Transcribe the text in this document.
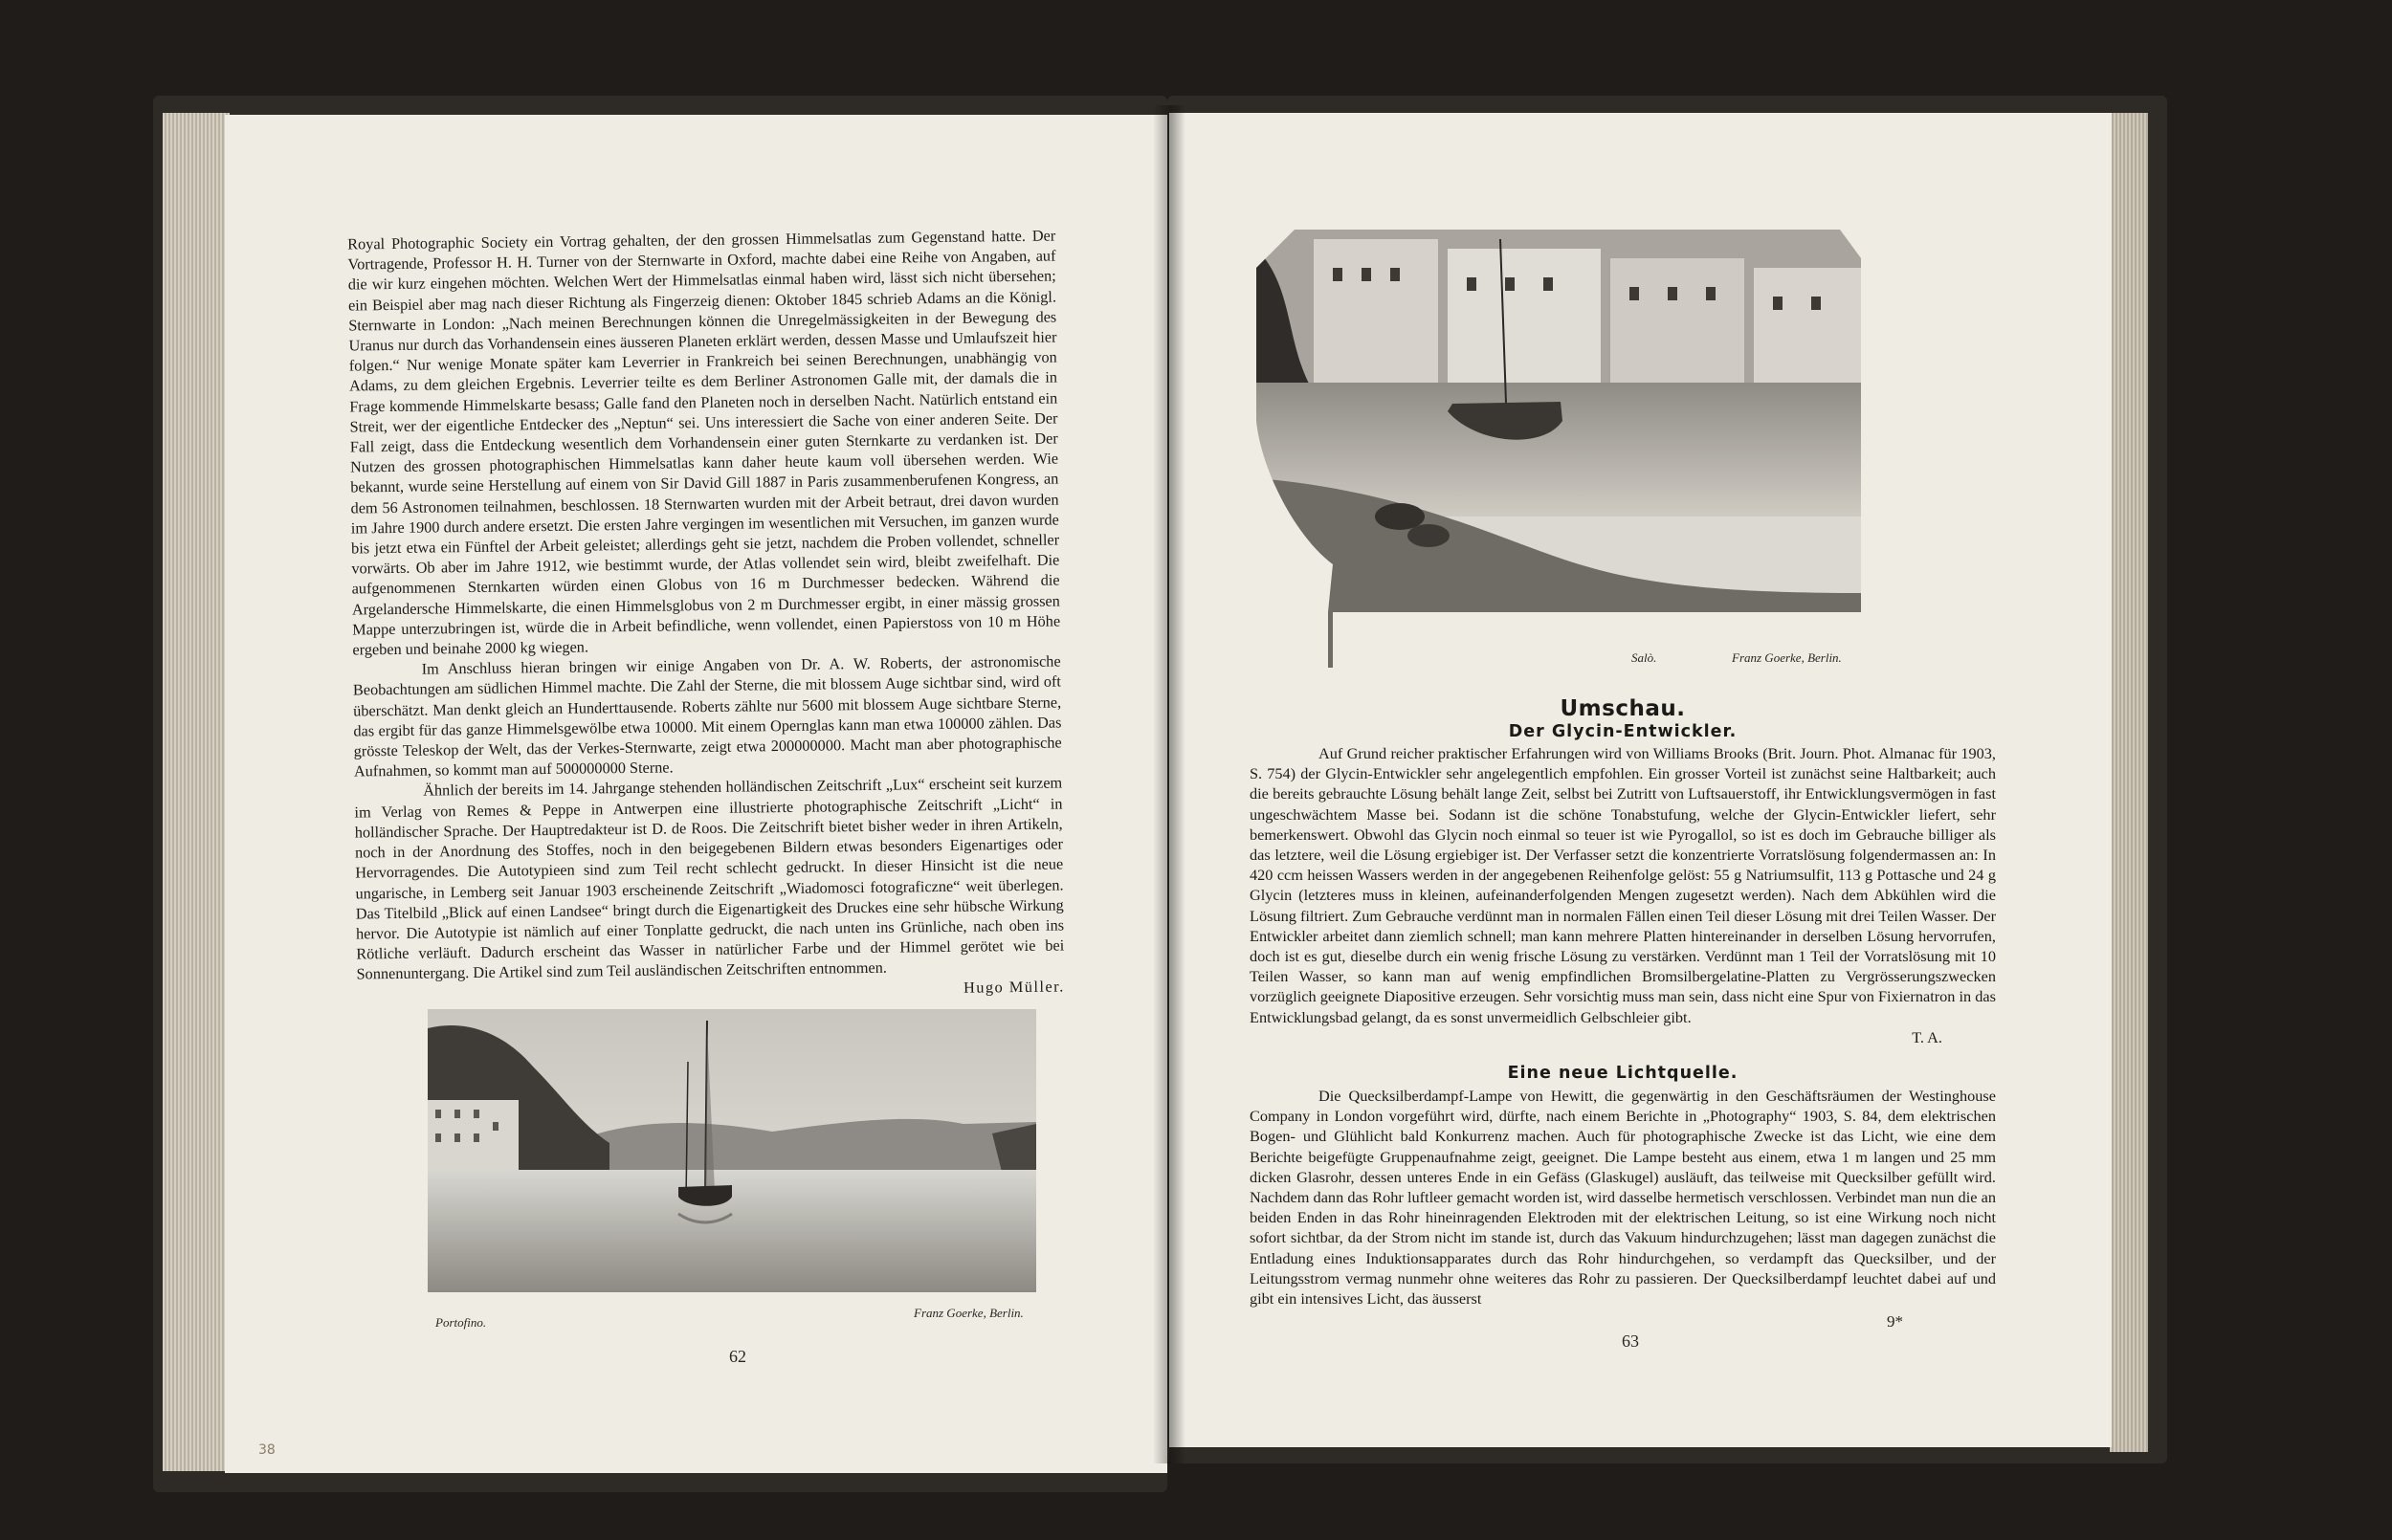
Royal Photographic Society ein Vortrag gehalten, der den grossen Himmelsatlas zum Gegenstand hatte. Der Vortragende, Professor H. H. Turner von der Sternwarte in Oxford, machte dabei eine Reihe von Angaben, auf die wir kurz eingehen möchten. Welchen Wert der Himmelsatlas einmal haben wird, lässt sich nicht übersehen; ein Beispiel aber mag nach dieser Richtung als Fingerzeig dienen: Oktober 1845 schrieb Adams an die Königl. Sternwarte in London: „Nach meinen Berechnungen können die Unregelmässigkeiten in der Bewegung des Uranus nur durch das Vorhandensein eines äusseren Planeten erklärt werden, dessen Masse und Umlaufszeit hier folgen.“ Nur wenige Monate später kam Leverrier in Frankreich bei seinen Berechnungen, unabhängig von Adams, zu dem gleichen Ergebnis. Leverrier teilte es dem Berliner Astronomen Galle mit, der damals die in Frage kommende Himmelskarte besass; Galle fand den Planeten noch in derselben Nacht. Natürlich entstand ein Streit, wer der eigentliche Entdecker des „Neptun“ sei. Uns interessiert die Sache von einer anderen Seite. Der Fall zeigt, dass die Entdeckung wesentlich dem Vorhandensein einer guten Sternkarte zu verdanken ist. Der Nutzen des grossen photographischen Himmelsatlas kann daher heute kaum voll übersehen werden. Wie bekannt, wurde seine Herstellung auf einem von Sir David Gill 1887 in Paris zusammenberufenen Kongress, an dem 56 Astronomen teilnahmen, beschlossen. 18 Sternwarten wurden mit der Arbeit betraut, drei davon wurden im Jahre 1900 durch andere ersetzt. Die ersten Jahre vergingen im wesentlichen mit Versuchen, im ganzen wurde bis jetzt etwa ein Fünftel der Arbeit geleistet; allerdings geht sie jetzt, nachdem die Proben vollendet, schneller vorwärts. Ob aber im Jahre 1912, wie bestimmt wurde, der Atlas vollendet sein wird, bleibt zweifelhaft. Die aufgenommenen Sternkarten würden einen Globus von 16 m Durchmesser bedecken. Während die Argelandersche Himmelskarte, die einen Himmelsglobus von 2 m Durchmesser ergibt, in einer mässig grossen Mappe unterzubringen ist, würde die in Arbeit befindliche, wenn vollendet, einen Papierstoss von 10 m Höhe ergeben und beinahe 2000 kg wiegen.

Im Anschluss hieran bringen wir einige Angaben von Dr. A. W. Roberts, der astronomische Beobachtungen am südlichen Himmel machte. Die Zahl der Sterne, die mit blossem Auge sichtbar sind, wird oft überschätzt. Man denkt gleich an Hunderttausende. Roberts zählte nur 5600 mit blossem Auge sichtbare Sterne, das ergibt für das ganze Himmelsgewölbe etwa 10000. Mit einem Opernglas kann man etwa 100000 zählen. Das grösste Teleskop der Welt, das der Verkes-Sternwarte, zeigt etwa 200000000. Macht man aber photographische Aufnahmen, so kommt man auf 500000000 Sterne.

Ähnlich der bereits im 14. Jahrgange stehenden holländischen Zeitschrift „Lux“ erscheint seit kurzem im Verlag von Remes & Peppe in Antwerpen eine illustrierte photographische Zeitschrift „Licht“ in holländischer Sprache. Der Hauptredakteur ist D. de Roos. Die Zeitschrift bietet bisher weder in ihren Artikeln, noch in der Anordnung des Stoffes, noch in den beigegebenen Bildern etwas besonders Eigenartiges oder Hervorragendes. Die Autotypieen sind zum Teil recht schlecht gedruckt. In dieser Hinsicht ist die neue ungarische, in Lemberg seit Januar 1903 erscheinende Zeitschrift „Wiadomosci fotograficzne“ weit überlegen. Das Titelbild „Blick auf einen Landsee“ bringt durch die Eigenartigkeit des Druckes eine sehr hübsche Wirkung hervor. Die Autotypie ist nämlich auf einer Tonplatte gedruckt, die nach unten ins Grünliche, nach oben ins Rötliche verläuft. Dadurch erscheint das Wasser in natürlicher Farbe und der Himmel gerötet wie bei Sonnenuntergang. Die Artikel sind zum Teil ausländischen Zeitschriften entnommen.

Hugo Müller.

Portofino.
Franz Goerke, Berlin.
62
38
Salò.	Franz Goerke, Berlin.
Umschau.
Der Glycin-Entwickler.

Auf Grund reicher praktischer Erfahrungen wird von Williams Brooks (Brit. Journ. Phot. Almanac für 1903, S. 754) der Glycin-Entwickler sehr angelegentlich empfohlen. Ein grosser Vorteil ist zunächst seine Haltbarkeit; auch die bereits gebrauchte Lösung behält lange Zeit, selbst bei Zutritt von Luftsauerstoff, ihr Entwicklungsvermögen in fast ungeschwächtem Masse bei. Sodann ist die schöne Tonabstufung, welche der Glycin-Entwickler liefert, sehr bemerkenswert. Obwohl das Glycin noch einmal so teuer ist wie Pyrogallol, so ist es doch im Gebrauche billiger als das letztere, weil die Lösung ergiebiger ist. Der Verfasser setzt die konzentrierte Vorratslösung folgendermassen an: In 420 ccm heissen Wassers werden in der angegebenen Reihenfolge gelöst: 55 g Natriumsulfit, 113 g Pottasche und 24 g Glycin (letzteres muss in kleinen, aufeinanderfolgenden Mengen zugesetzt werden). Nach dem Abkühlen wird die Lösung filtriert. Zum Gebrauche verdünnt man in normalen Fällen einen Teil dieser Lösung mit drei Teilen Wasser. Der Entwickler arbeitet dann ziemlich schnell; man kann mehrere Platten hintereinander in derselben Lösung hervorrufen, doch ist es gut, dieselbe durch ein wenig frische Lösung zu verstärken. Verdünnt man 1 Teil der Vorratslösung mit 10 Teilen Wasser, so kann man auf wenig empfindlichen Bromsilbergelatine-Platten zu Vergrösserungszwecken vorzüglich geeignete Diapositive erzeugen. Sehr vorsichtig muss man sein, dass nicht eine Spur von Fixiernatron in das Entwicklungsbad gelangt, da es sonst unvermeidlich Gelbschleier gibt.

T. A.

Eine neue Lichtquelle.

Die Quecksilberdampf-Lampe von Hewitt, die gegenwärtig in den Geschäftsräumen der Westinghouse Company in London vorgeführt wird, dürfte, nach einem Berichte in „Photography“ 1903, S. 84, dem elektrischen Bogen- und Glühlicht bald Konkurrenz machen. Auch für photographische Zwecke ist das Licht, wie eine dem Berichte beigefügte Gruppenaufnahme zeigt, geeignet. Die Lampe besteht aus einem, etwa 1 m langen und 25 mm dicken Glasrohr, dessen unteres Ende in ein Gefäss (Glaskugel) ausläuft, das teilweise mit Quecksilber gefüllt wird. Nachdem dann das Rohr luftleer gemacht worden ist, wird dasselbe hermetisch verschlossen. Verbindet man nun die an beiden Enden in das Rohr hineinragenden Elektroden mit der elektrischen Leitung, so ist eine Wirkung noch nicht sofort sichtbar, da der Strom nicht im stande ist, durch das Vakuum hindurchzugehen; lässt man dagegen zunächst die Entladung eines Induktionsapparates durch das Rohr hindurchgehen, so verdampft das Quecksilber, und der Leitungsstrom vermag nunmehr ohne weiteres das Rohr zu passieren. Der Quecksilberdampf leuchtet dabei auf und gibt ein intensives Licht, das äusserst

9*
63
